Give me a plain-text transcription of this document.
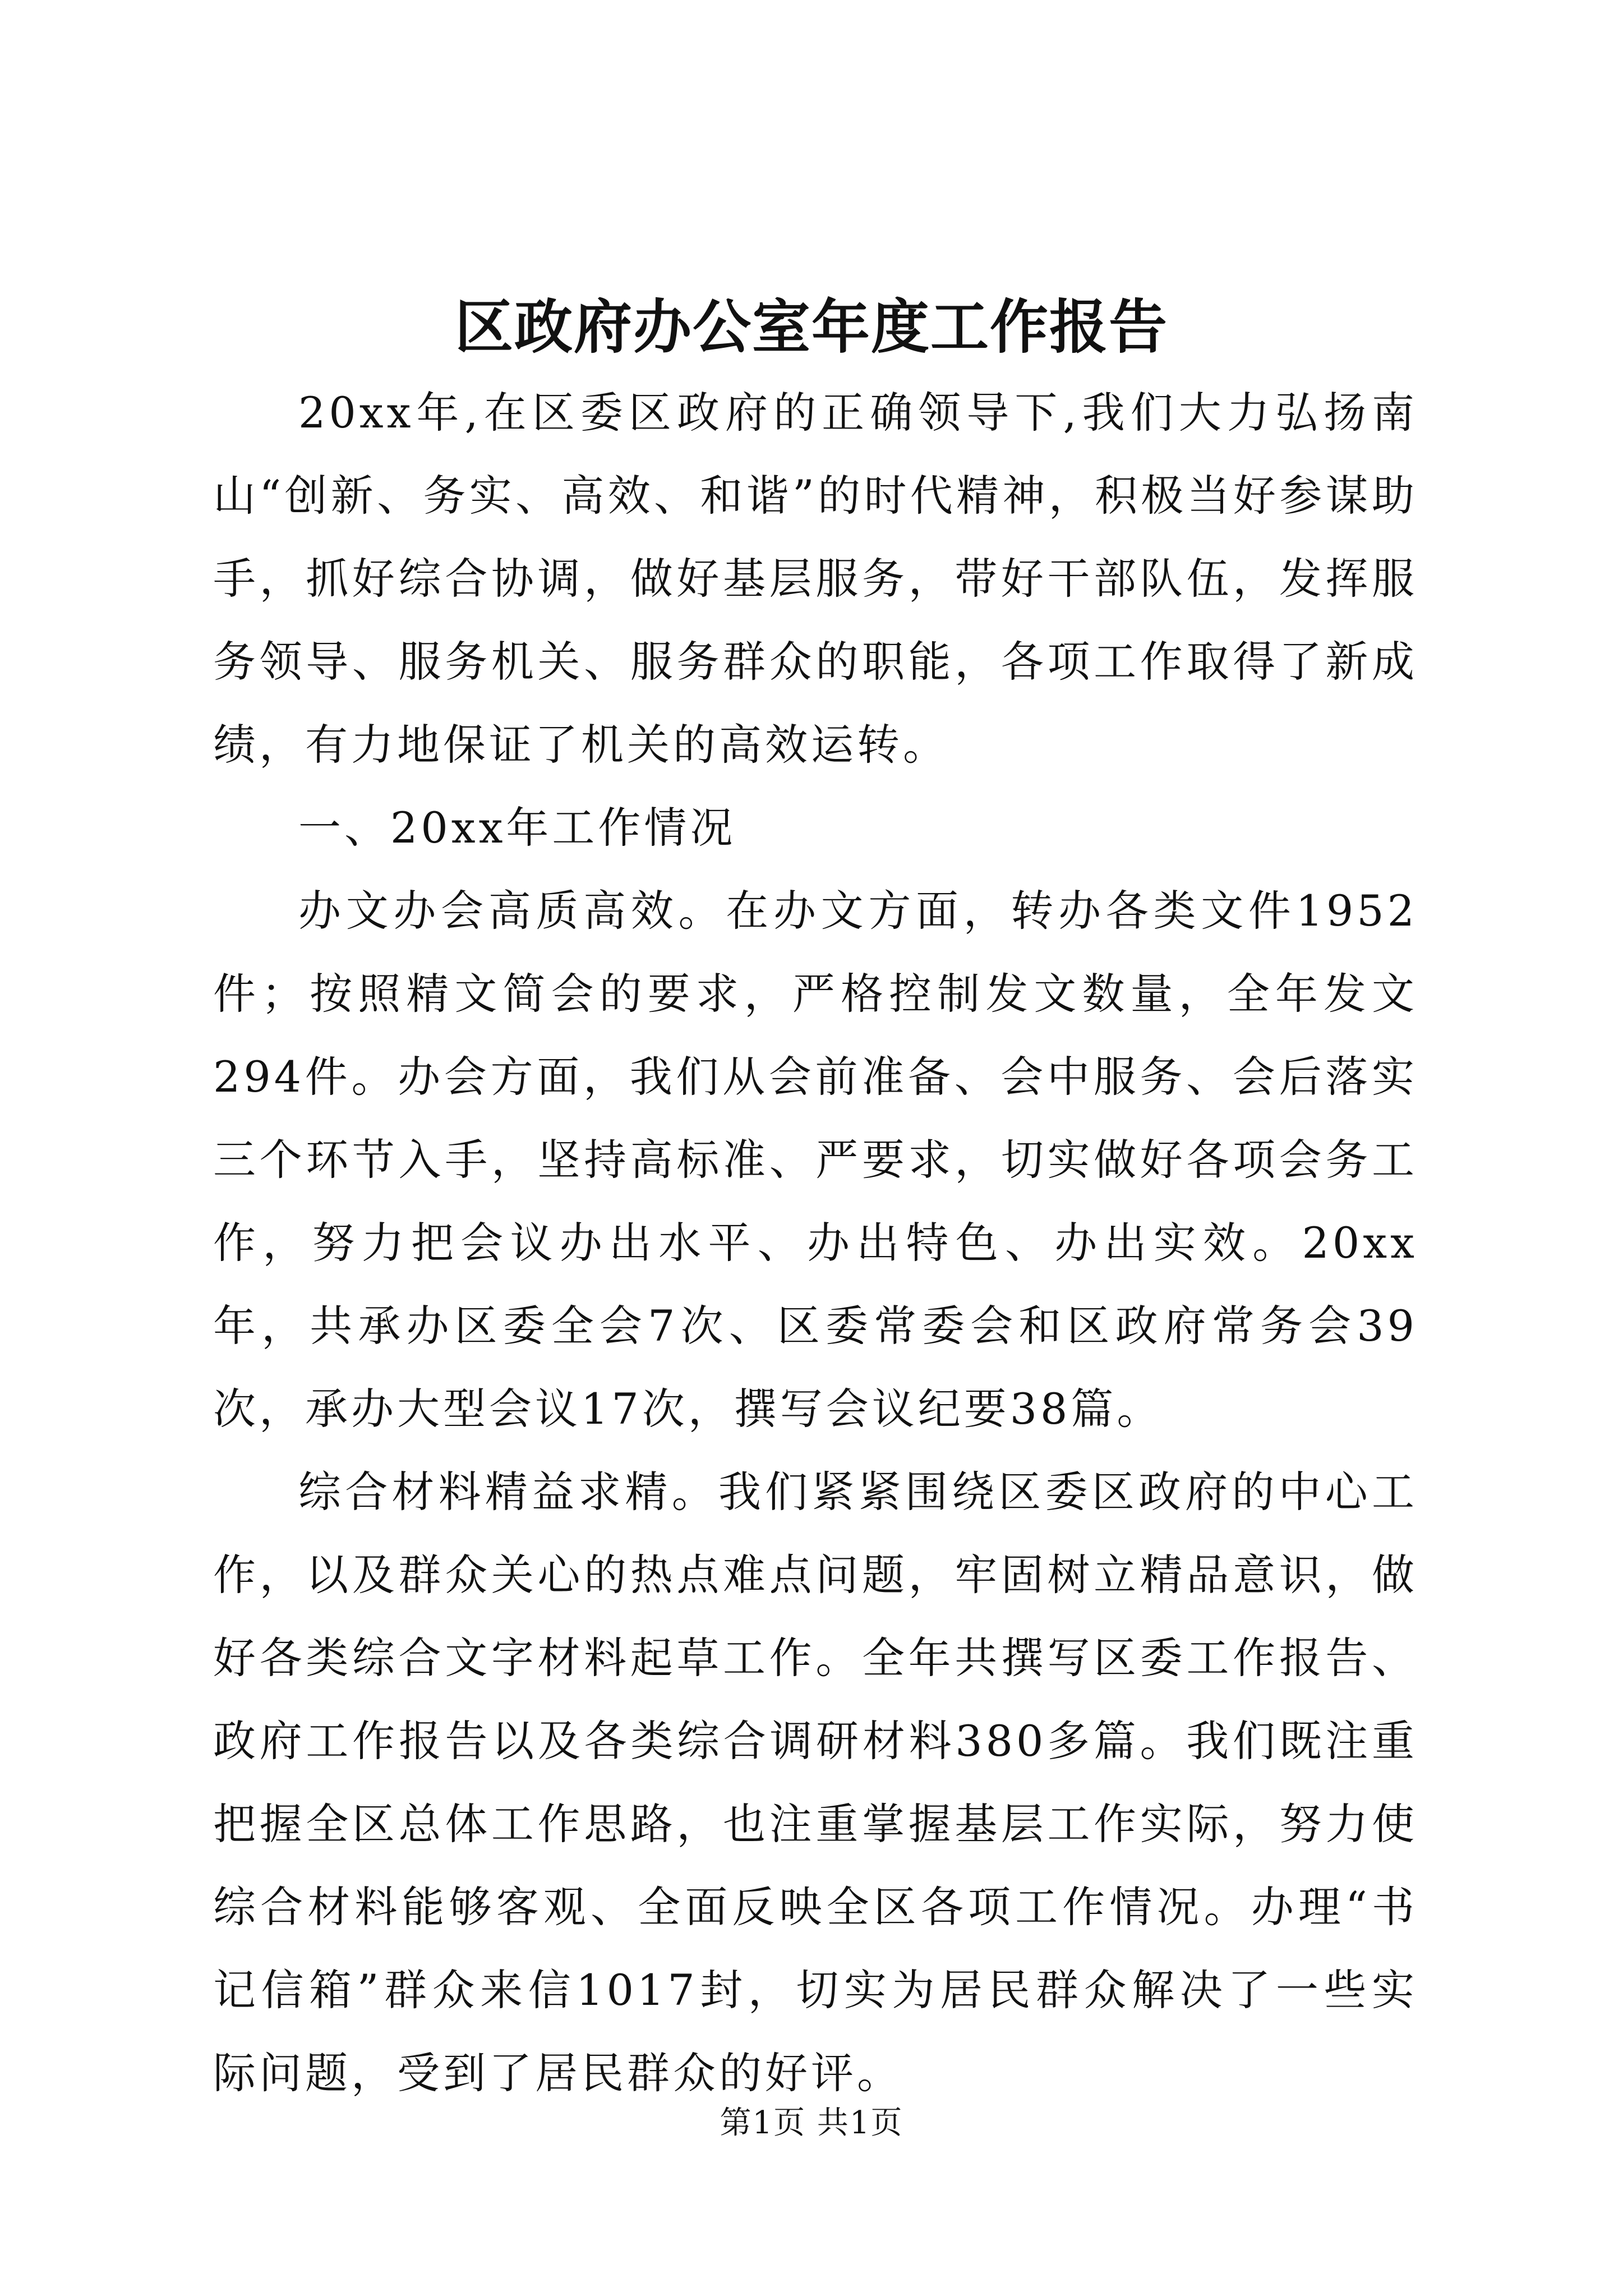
区政府办公室年度工作报告

20xx年,在区委区政府的正确领导下,我们大力弘扬南山“创新、务实、高效、和谐”的时代精神，积极当好参谋助手，抓好综合协调，做好基层服务，带好干部队伍，发挥服务领导、服务机关、服务群众的职能，各项工作取得了新成绩，有力地保证了机关的高效运转。

一、20xx年工作情况

办文办会高质高效。在办文方面，转办各类文件1952件；按照精文简会的要求，严格控制发文数量，全年发文294件。办会方面，我们从会前准备、会中服务、会后落实三个环节入手，坚持高标准、严要求，切实做好各项会务工作，努力把会议办出水平、办出特色、办出实效。20xx年，共承办区委全会7次、区委常委会和区政府常务会39次，承办大型会议17次，撰写会议纪要38篇。

综合材料精益求精。我们紧紧围绕区委区政府的中心工作，以及群众关心的热点难点问题，牢固树立精品意识，做好各类综合文字材料起草工作。全年共撰写区委工作报告、政府工作报告以及各类综合调研材料380多篇。我们既注重把握全区总体工作思路，也注重掌握基层工作实际，努力使综合材料能够客观、全面反映全区各项工作情况。办理“书记信箱”群众来信1017封，切实为居民群众解决了一些实际问题，受到了居民群众的好评。

第1页 共1页
